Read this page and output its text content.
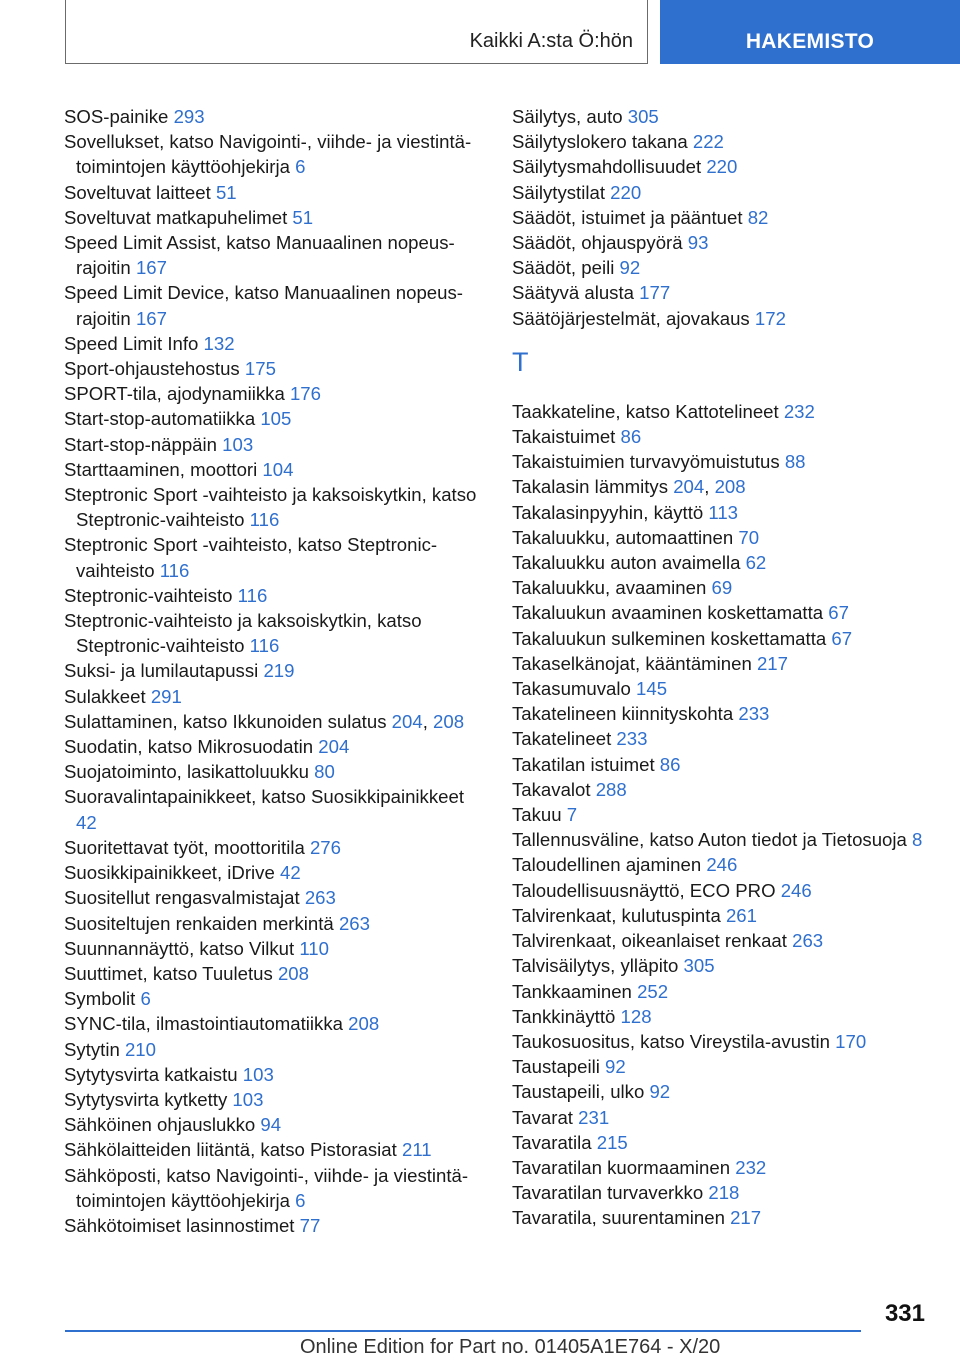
Kaikki A:sta Ö:hön	HAKEMISTO
SOS-painike 293
Sovellukset, katso Navigointi-, viihde- ja viestintätoimintojen käyttöohjekirja 6
Soveltuvat laitteet 51
Soveltuvat matkapuhelimet 51
Speed Limit Assist, katso Manuaalinen nopeusrajoitin 167
Speed Limit Device, katso Manuaalinen nopeusrajoitin 167
Speed Limit Info 132
Sport-ohjaustehostus 175
SPORT-tila, ajodynamiikka 176
Start-stop-automatiikka 105
Start-stop-näppäin 103
Starttaaminen, moottori 104
Steptronic Sport -vaihteisto ja kaksoiskytkin, katso Steptronic-vaihteisto 116
Steptronic Sport -vaihteisto, katso Steptronic-vaihteisto 116
Steptronic-vaihteisto 116
Steptronic-vaihteisto ja kaksoiskytkin, katso Steptronic-vaihteisto 116
Suksi- ja lumilautapussi 219
Sulakkeet 291
Sulattaminen, katso Ikkunoiden sulatus 204, 208
Suodatin, katso Mikrosuodatin 204
Suojatoiminto, lasikattoluukku 80
Suoravalintapainikkeet, katso Suosikkipainikkeet 42
Suoritettavat työt, moottoritila 276
Suosikkipainikkeet, iDrive 42
Suositellut rengasvalmistajat 263
Suositeltujen renkaiden merkintä 263
Suunnannäyttö, katso Vilkut 110
Suuttimet, katso Tuuletus 208
Symbolit 6
SYNC-tila, ilmastointiautomatiikka 208
Sytytin 210
Sytytysvirta katkaistu 103
Sytytysvirta kytketty 103
Sähköinen ohjauslukko 94
Sähkölaitteiden liitäntä, katso Pistorasiat 211
Sähköposti, katso Navigointi-, viihde- ja viestintätoimintojen käyttöohjekirja 6
Sähkötoimiset lasinnostimet 77
Säilytys, auto 305
Säilytyslokero takana 222
Säilytysmahdollisuudet 220
Säilytystilat 220
Säädöt, istuimet ja pääntuet 82
Säädöt, ohjauspyörä 93
Säädöt, peili 92
Säätyvä alusta 177
Säätöjärjestelmät, ajovakaus 172
T
Taakkateline, katso Kattotelineet 232
Takaistuimet 86
Takaistuimien turvavyömuistutus 88
Takalasin lämmitys 204, 208
Takalasinpyyhin, käyttö 113
Takaluukku, automaattinen 70
Takaluukku auton avaimella 62
Takaluukku, avaaminen 69
Takaluukun avaaminen koskettamatta 67
Takaluukun sulkeminen koskettamatta 67
Takaselkänojat, kääntäminen 217
Takasumuvalo 145
Takatelineen kiinnityskohta 233
Takatelineet 233
Takatilan istuimet 86
Takavalot 288
Takuu 7
Tallennusväline, katso Auton tiedot ja Tietosuoja 8
Taloudellinen ajaminen 246
Taloudellisuusnäyttö, ECO PRO 246
Talvirenkaat, kulutuspinta 261
Talvirenkaat, oikeanlaiset renkaat 263
Talvisäilytys, ylläpito 305
Tankkaaminen 252
Tankkinäyttö 128
Taukosuositus, katso Vireystila-avustin 170
Taustapeili 92
Taustapeili, ulko 92
Tavarat 231
Tavaratila 215
Tavaratilan kuormaaminen 232
Tavaratilan turvaverkko 218
Tavaratila, suurentaminen 217
331
Online Edition for Part no. 01405A1E764 - X/20
